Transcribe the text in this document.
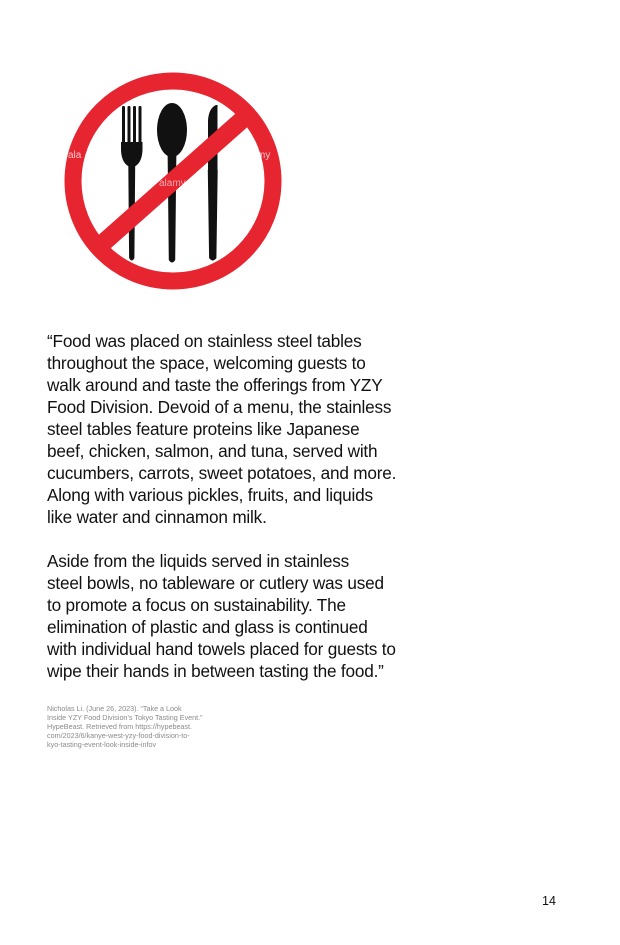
ala	my
alamy

“Food was placed on stainless steel tables
throughout the space, welcoming guests to
walk around and taste the offerings from YZY
Food Division. Devoid of a menu, the stainless
steel tables feature proteins like Japanese
beef, chicken, salmon, and tuna, served with
cucumbers, carrots, sweet potatoes, and more.
Along with various pickles, fruits, and liquids
like water and cinnamon milk.

Aside from the liquids served in stainless
steel bowls, no tableware or cutlery was used
to promote a focus on sustainability. The
elimination of plastic and glass is continued
with individual hand towels placed for guests to
wipe their hands in between tasting the food.”

Nicholas Li. (June 26, 2023). “Take a Look
Inside YZY Food Division’s Tokyo Tasting Event.”
HypeBeast. Retrieved from https://hypebeast.
com/2023/6/kanye-west-yzy-food-division-to-
kyo-tasting-event-look-inside-infov
14
